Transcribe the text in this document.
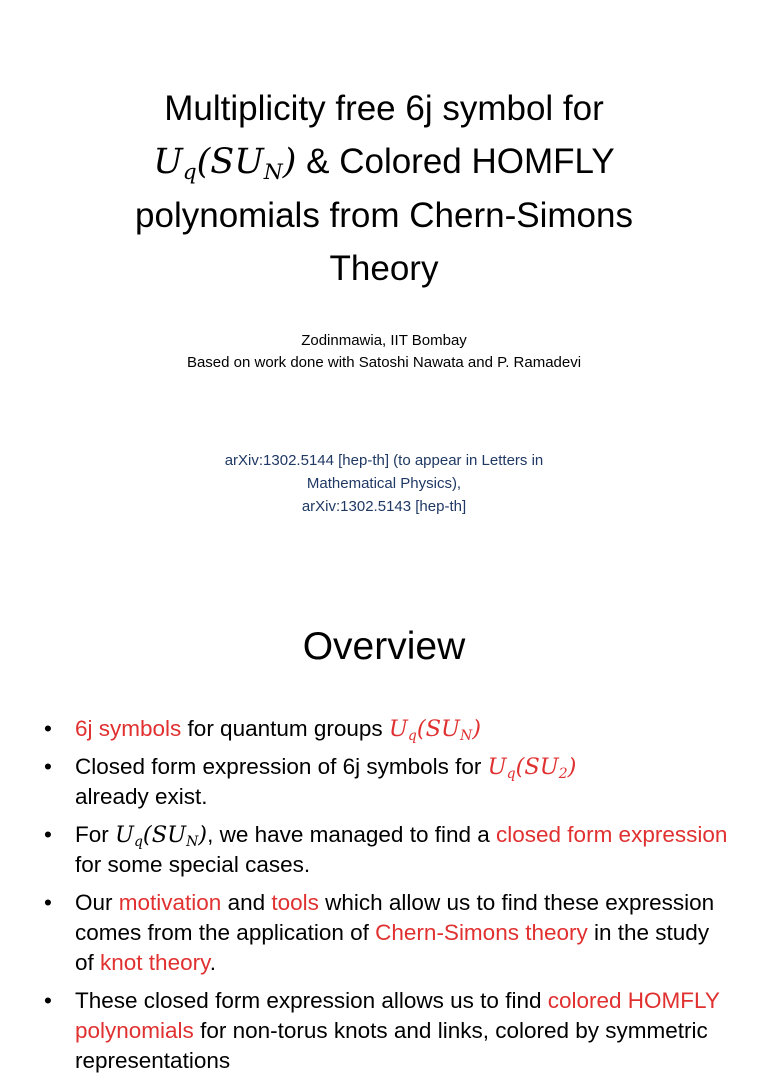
Multiplicity free 6j symbol for
$U_q(SU_N)$ & Colored HOMFLY
polynomials from Chern-Simons
Theory
Zodinmawia, IIT Bombay
Based on work done with Satoshi Nawata and P. Ramadevi
arXiv:1302.5144 [hep-th] (to appear in Letters in
Mathematical Physics),
arXiv:1302.5143 [hep-th]
Overview
• 6j symbols for quantum groups $U_q(SU_N)$
• Closed form expression of 6j symbols for $U_q(SU_2)$
already exist.
• For $U_q(SU_N)$, we have managed to find a closed form expression for some special cases.
• Our motivation and tools which allow us to find these expression comes from the application of Chern-Simons theory in the study of knot theory.
• These closed form expression allows us to find colored HOMFLY polynomials for non-torus knots and links, colored by symmetric representations
